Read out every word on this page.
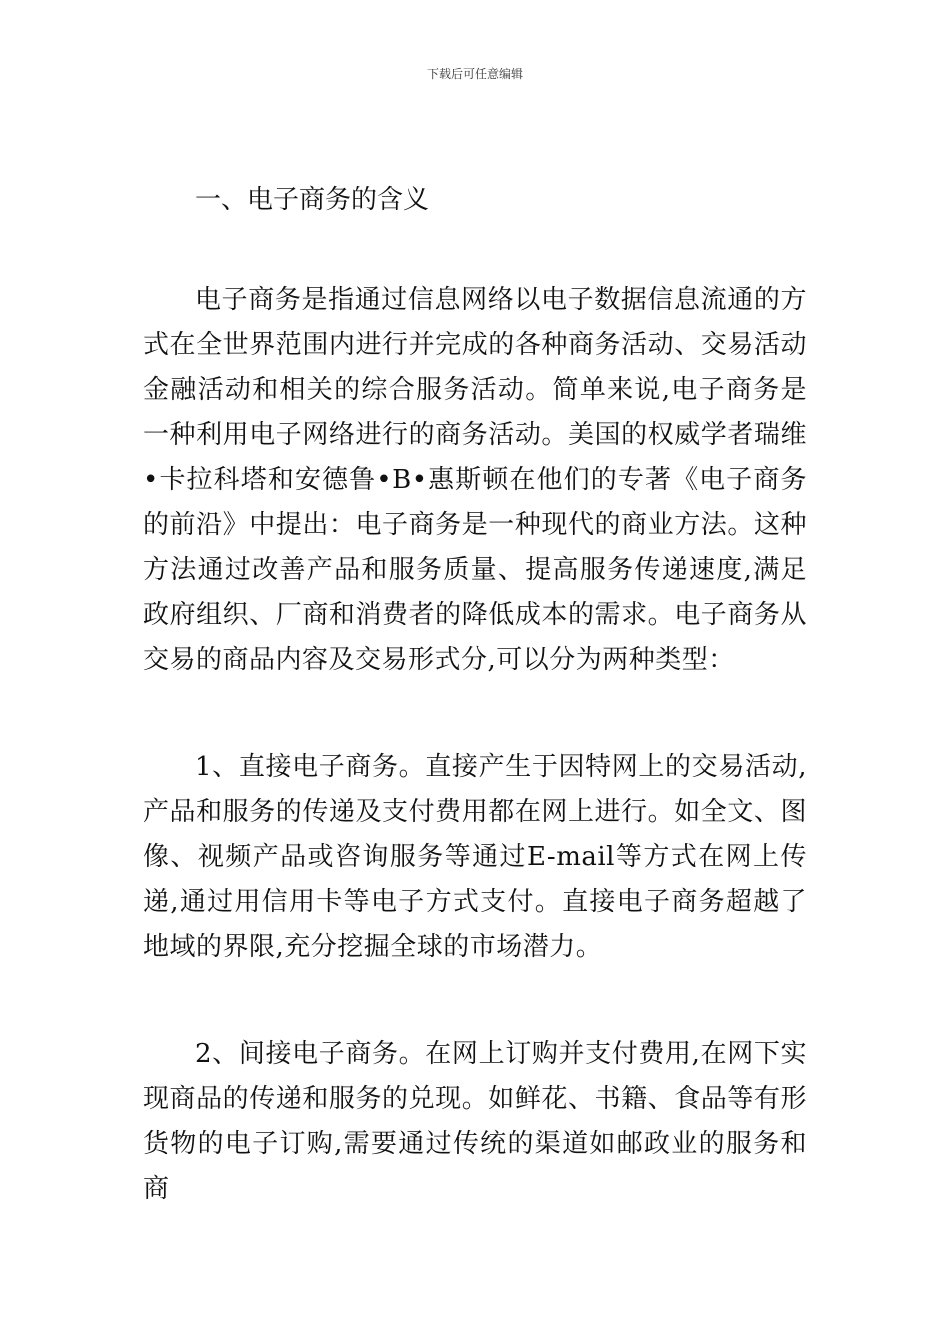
下载后可任意编辑
一、电子商务的含义

电子商务是指通过信息网络以电子数据信息流通的方式在全世界范围内进行并完成的各种商务活动、交易活动金融活动和相关的综合服务活动。简单来说,电子商务是一种利用电子网络进行的商务活动。美国的权威学者瑞维•卡拉科塔和安德鲁•B•惠斯顿在他们的专著《电子商务的前沿》中提出：电子商务是一种现代的商业方法。这种方法通过改善产品和服务质量、提高服务传递速度,满足政府组织、厂商和消费者的降低成本的需求。电子商务从交易的商品内容及交易形式分,可以分为两种类型：

1、直接电子商务。直接产生于因特网上的交易活动,产品和服务的传递及支付费用都在网上进行。如全文、图像、视频产品或咨询服务等通过E-mail等方式在网上传递,通过用信用卡等电子方式支付。直接电子商务超越了地域的界限,充分挖掘全球的市场潜力。

2、间接电子商务。在网上订购并支付费用,在网下实现商品的传递和服务的兑现。如鲜花、书籍、食品等有形货物的电子订购,需要通过传统的渠道如邮政业的服务和商
